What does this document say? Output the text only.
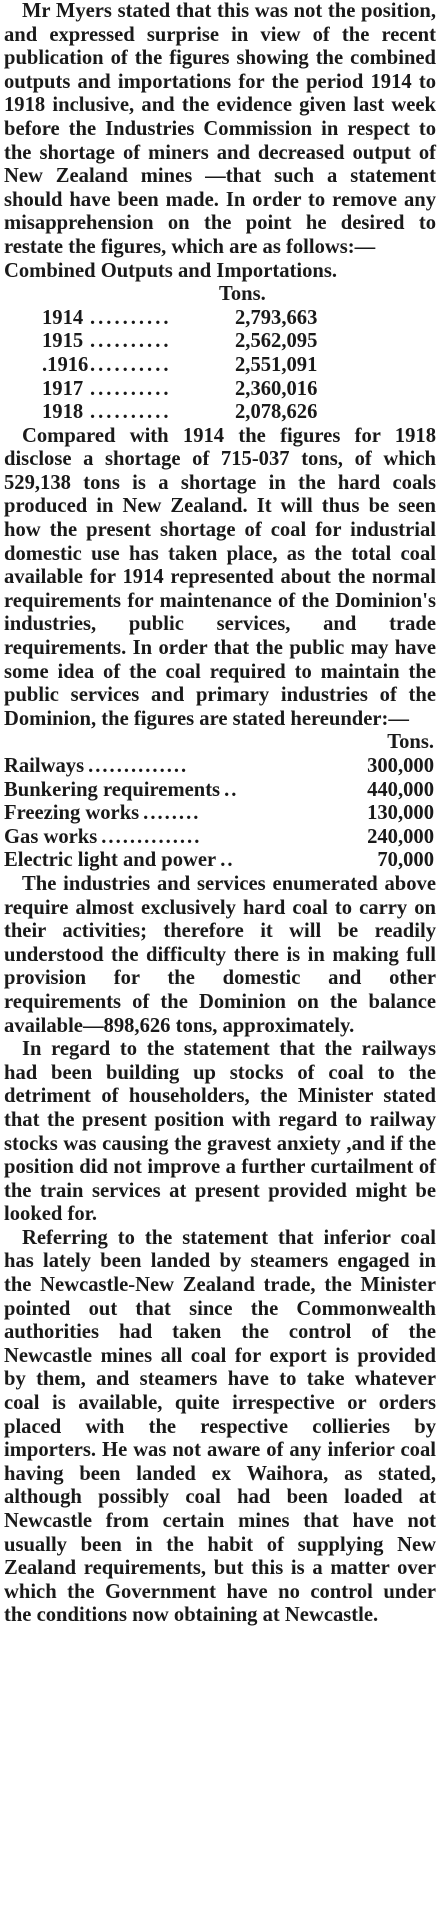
Mr Myers stated that this was not the position, and expressed surprise in view of the recent publication of the figures showing the combined outputs and importations for the period 1914 to 1918 inclusive, and the evidence given last week before the Industries Commission in respect to the shortage of miners and decreased output of New Zealand mines —that such a statement should have been made. In order to remove any misapprehension on the point he desired to restate the figures, which are as follows:—

Combined Outputs and Importations.

Tons.

1914 ..........	2,793,663
1915 ..........	2,562,095
.1916 ..........	2,551,091
1917 ..........	2,360,016
1918 ..........	2,078,626

Compared with 1914 the figures for 1918 disclose a shortage of 715-037 tons, of which 529,138 tons is a shortage in the hard coals produced in New Zealand. It will thus be seen how the present shortage of coal for industrial domestic use has taken place, as the total coal available for 1914 represented about the normal requirements for maintenance of the Dominion's industries, public services, and trade requirements. In order that the public may have some idea of the coal required to maintain the public services and primary industries of the Dominion, the figures are stated hereunder:—

Tons.

Railways ..............	300,000
Bunkering requirements ..	440,000
Freezing works ........	130,000
Gas works ..............	240,000
Electric light and power ..	70,000

The industries and services enumerated above require almost exclusively hard coal to carry on their activities; therefore it will be readily understood the difficulty there is in making full provision for the domestic and other requirements of the Dominion on the balance available—898,626 tons, approximately.

In regard to the statement that the railways had been building up stocks of coal to the detriment of householders, the Minister stated that the present position with regard to railway stocks was causing the gravest anxiety ,and if the position did not improve a further curtailment of the train services at present provided might be looked for.

Referring to the statement that inferior coal has lately been landed by steamers engaged in the Newcastle-New Zealand trade, the Minister pointed out that since the Commonwealth authorities had taken the control of the Newcastle mines all coal for export is provided by them, and steamers have to take whatever coal is available, quite irrespective or orders placed with the respective collieries by importers. He was not aware of any inferior coal having been landed ex Waihora, as stated, although possibly coal had been loaded at Newcastle from certain mines that have not usually been in the habit of supplying New Zealand requirements, but this is a matter over which the Government have no control under the conditions now obtaining at Newcastle.
